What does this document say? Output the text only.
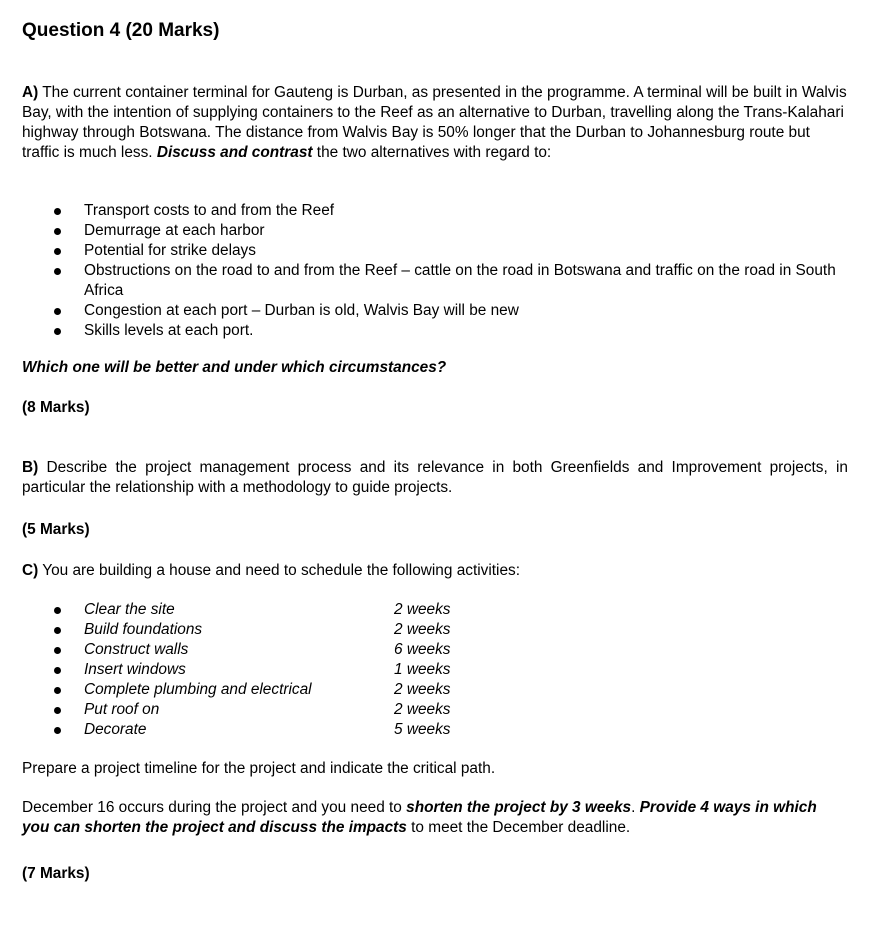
Question 4 (20 Marks)

A) The current container terminal for Gauteng is Durban, as presented in the programme. A terminal will be built in Walvis Bay, with the intention of supplying containers to the Reef as an alternative to Durban, travelling along the Trans-Kalahari highway through Botswana. The distance from Walvis Bay is 50% longer that the Durban to Johannesburg route but traffic is much less. Discuss and contrast the two alternatives with regard to:

Transport costs to and from the Reef
Demurrage at each harbor
Potential for strike delays
Obstructions on the road to and from the Reef – cattle on the road in Botswana and traffic on the road in South Africa
Congestion at each port – Durban is old, Walvis Bay will be new
Skills levels at each port.

Which one will be better and under which circumstances?

(8 Marks)

B) Describe the project management process and its relevance in both Greenfields and Improvement projects, in particular the relationship with a methodology to guide projects.

(5 Marks)

C) You are building a house and need to schedule the following activities:

Clear the site	2 weeks
Build foundations	2 weeks
Construct walls	6 weeks
Insert windows	1 weeks
Complete plumbing and electrical	2 weeks
Put roof on	2 weeks
Decorate	5 weeks

Prepare a project timeline for the project and indicate the critical path.

December 16 occurs during the project and you need to shorten the project by 3 weeks. Provide 4 ways in which you can shorten the project and discuss the impacts to meet the December deadline.

(7 Marks)
